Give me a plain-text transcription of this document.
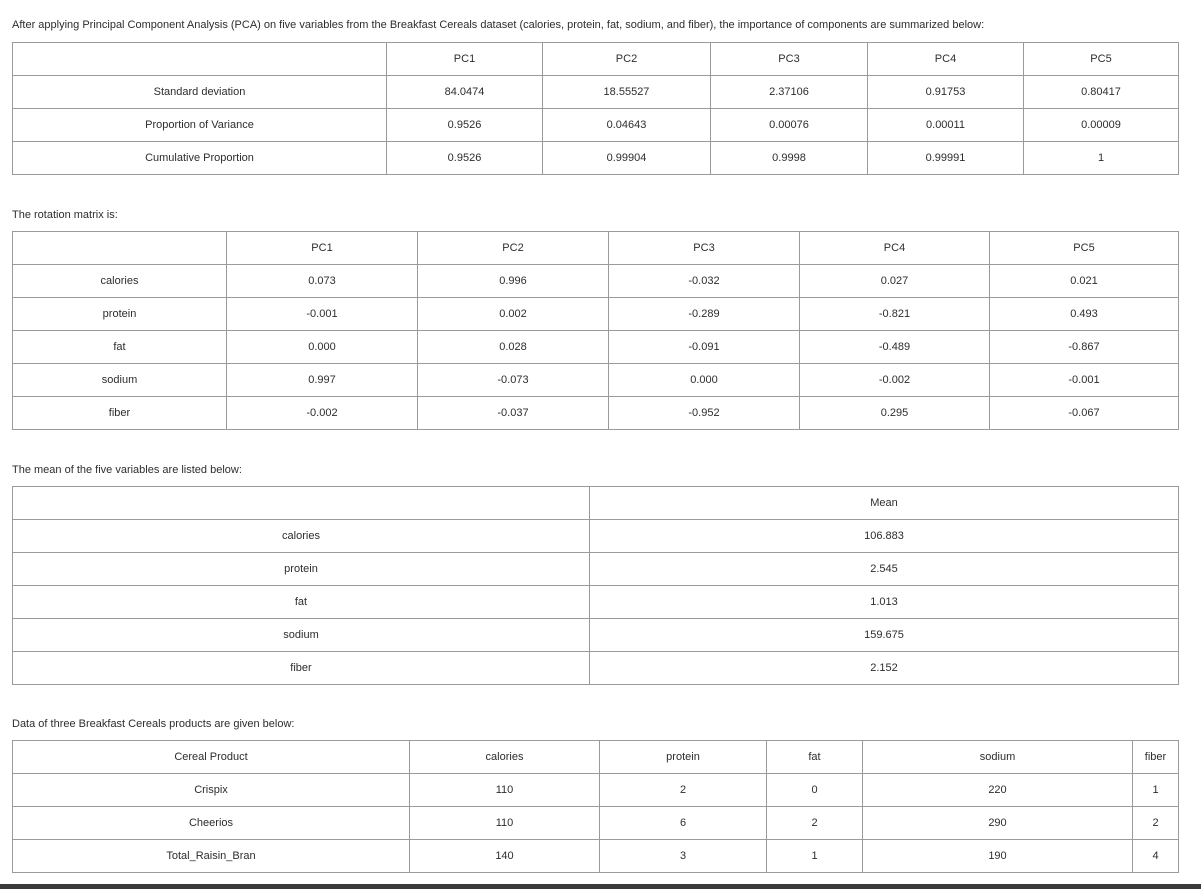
After applying Principal Component Analysis (PCA) on five variables from the Breakfast Cereals dataset (calories, protein, fat, sodium, and fiber), the importance of components are summarized below:
	PC1	PC2	PC3	PC4	PC5
Standard deviation	84.0474	18.55527	2.37106	0.91753	0.80417
Proportion of Variance	0.9526	0.04643	0.00076	0.00011	0.00009
Cumulative Proportion	0.9526	0.99904	0.9998	0.99991	1
The rotation matrix is:
	PC1	PC2	PC3	PC4	PC5
calories	0.073	0.996	-0.032	0.027	0.021
protein	-0.001	0.002	-0.289	-0.821	0.493
fat	0.000	0.028	-0.091	-0.489	-0.867
sodium	0.997	-0.073	0.000	-0.002	-0.001
fiber	-0.002	-0.037	-0.952	0.295	-0.067
The mean of the five variables are listed below:
	Mean
calories	106.883
protein	2.545
fat	1.013
sodium	159.675
fiber	2.152
Data of three Breakfast Cereals products are given below:
Cereal Product	calories	protein	fat	sodium	fiber
Crispix	110	2	0	220	1
Cheerios	110	6	2	290	2
Total_Raisin_Bran	140	3	1	190	4
